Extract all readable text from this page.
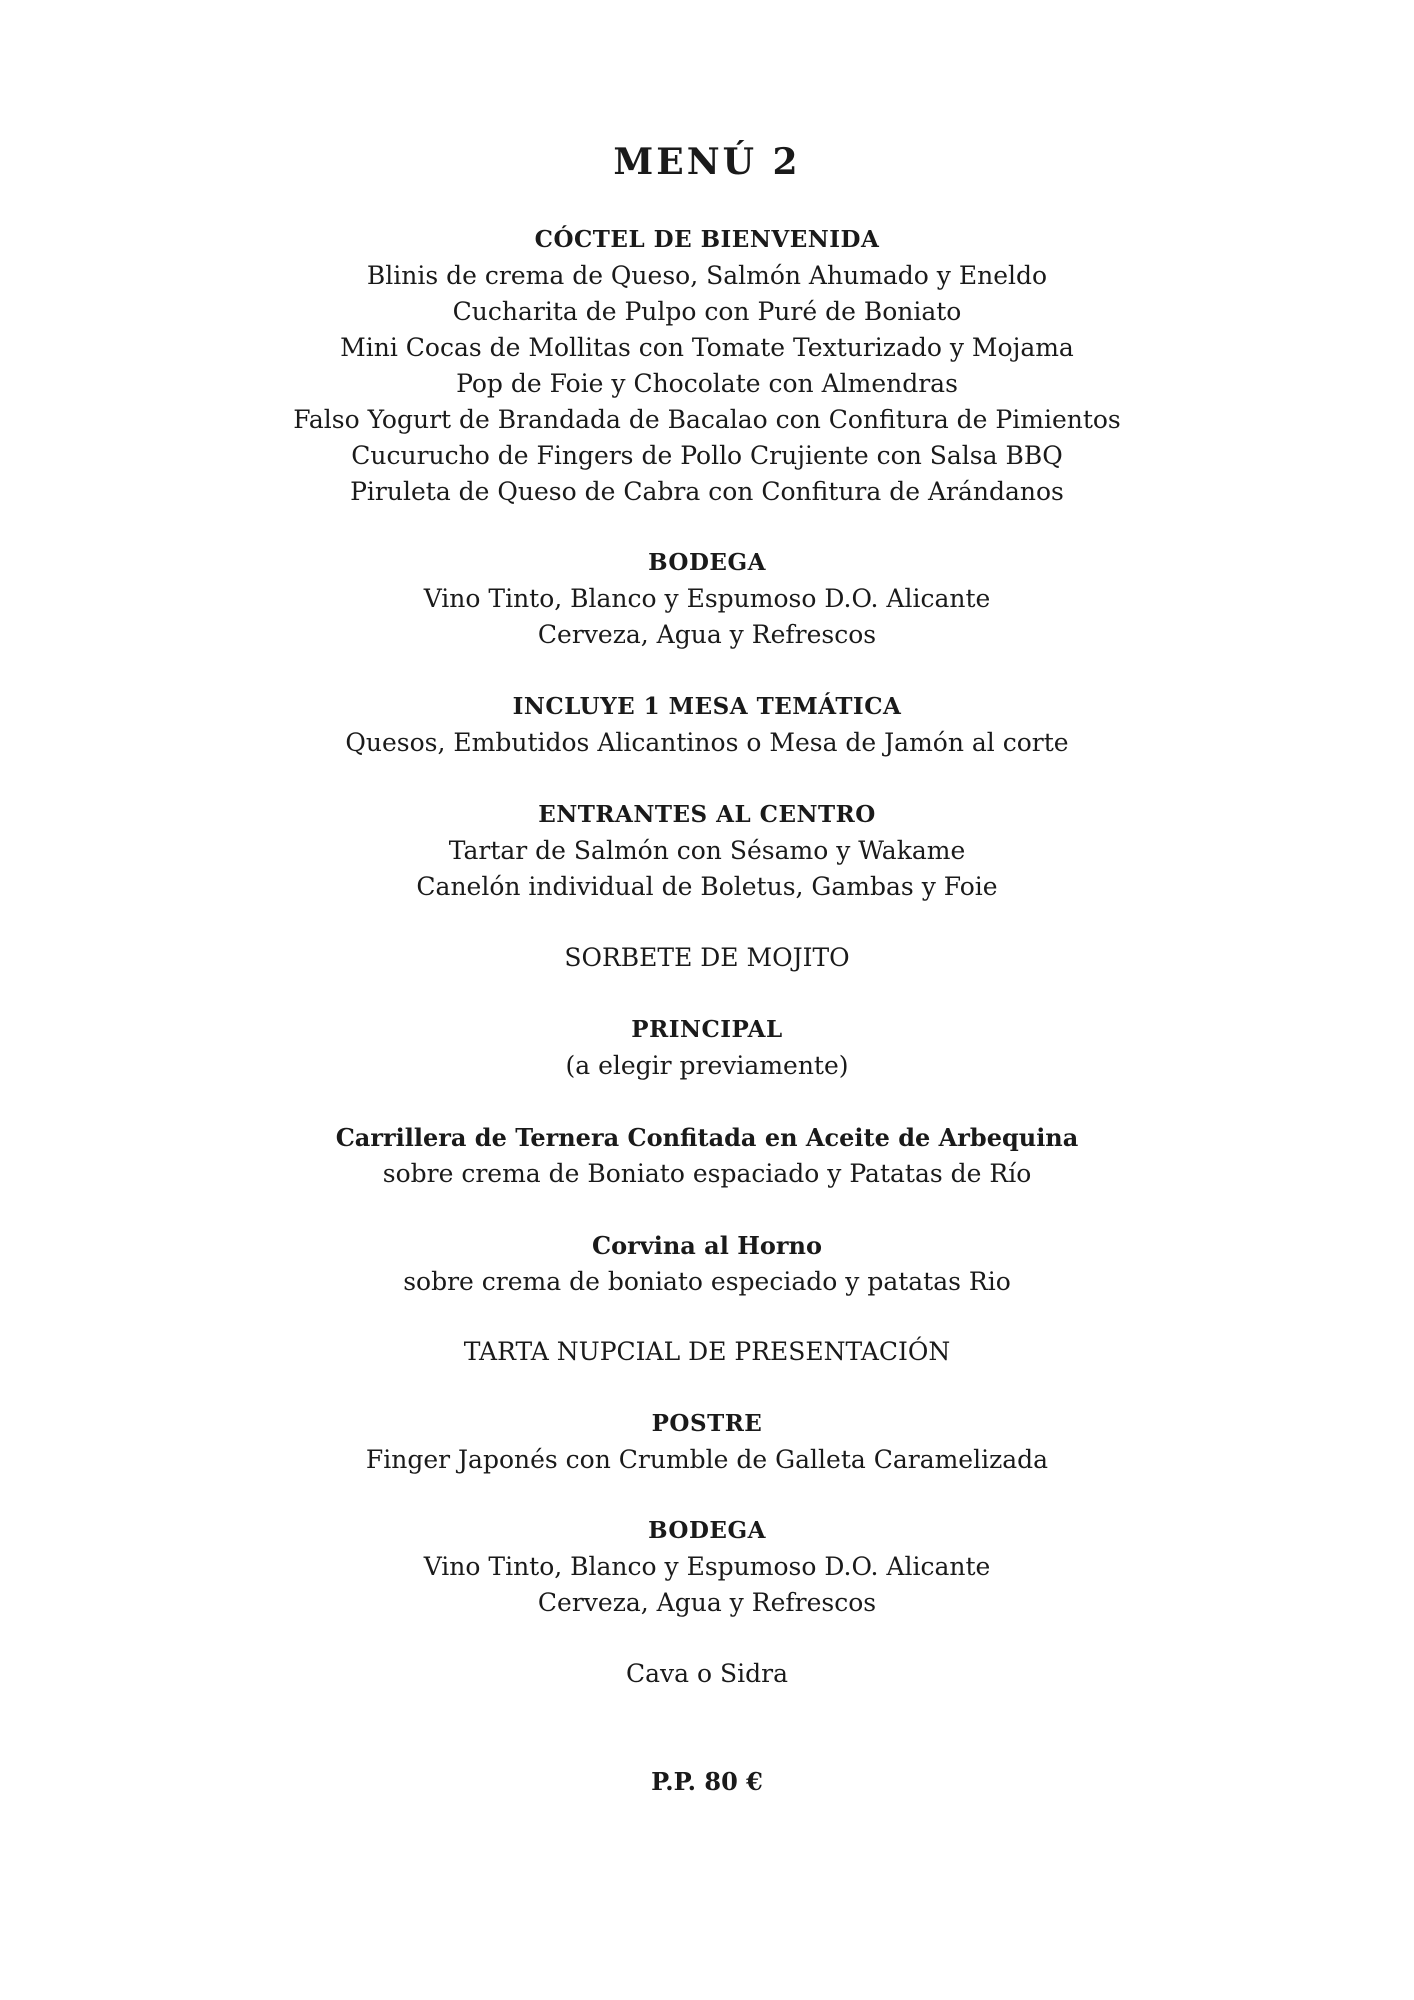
MENÚ 2
CÓCTEL DE BIENVENIDA
Blinis de crema de Queso, Salmón Ahumado y Eneldo
Cucharita de Pulpo con Puré de Boniato
Mini Cocas de Mollitas con Tomate Texturizado y Mojama
Pop de Foie y Chocolate con Almendras
Falso Yogurt de Brandada de Bacalao con Confitura de Pimientos
Cucurucho de Fingers de Pollo Crujiente con Salsa BBQ
Piruleta de Queso de Cabra con Confitura de Arándanos
BODEGA
Vino Tinto, Blanco y Espumoso D.O. Alicante
Cerveza, Agua y Refrescos
INCLUYE 1 MESA TEMÁTICA
Quesos, Embutidos Alicantinos o Mesa de Jamón al corte
ENTRANTES AL CENTRO
Tartar de Salmón con Sésamo y Wakame
Canelón individual de Boletus, Gambas y Foie
SORBETE DE MOJITO
PRINCIPAL
(a elegir previamente)
Carrillera de Ternera Confitada en Aceite de Arbequina
sobre crema de Boniato espaciado y Patatas de Río
Corvina al Horno
sobre crema de boniato especiado y patatas Rio
TARTA NUPCIAL DE PRESENTACIÓN
POSTRE
Finger Japonés con Crumble de Galleta Caramelizada
BODEGA
Vino Tinto, Blanco y Espumoso D.O. Alicante
Cerveza, Agua y Refrescos
Cava o Sidra
P.P. 80 €
